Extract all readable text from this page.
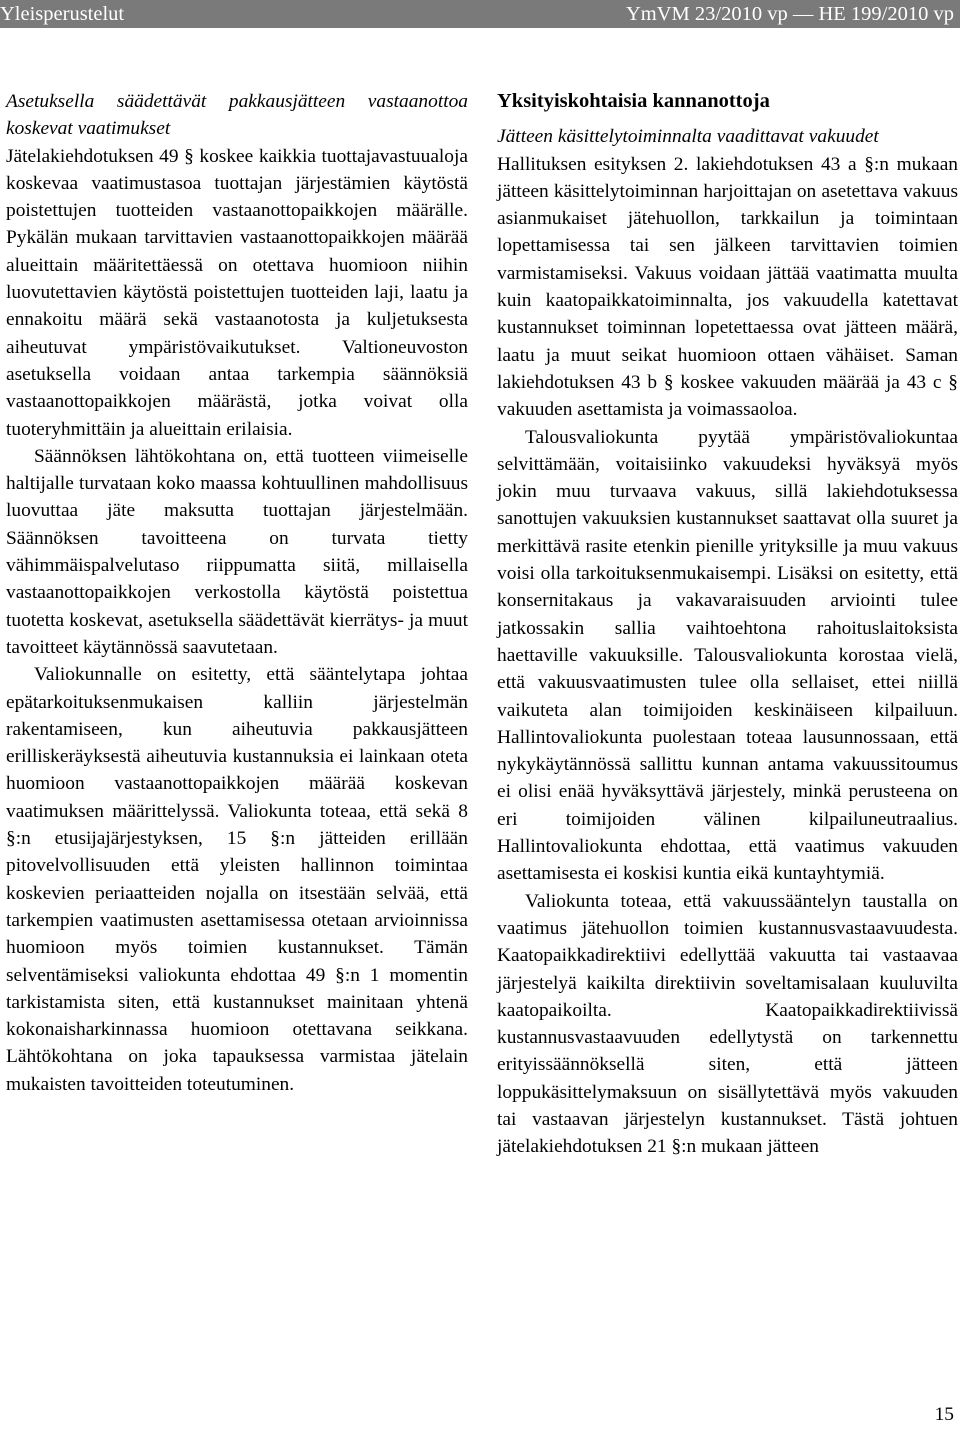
Yleisperustelut	YmVM 23/2010 vp — HE 199/2010 vp

Asetuksella säädettävät pakkausjätteen vastaanottoa koskevat vaatimukset

Jätelakiehdotuksen 49 § koskee kaikkia tuottajavastuualoja koskevaa vaatimustasoa tuottajan järjestämien käytöstä poistettujen tuotteiden vastaanottopaikkojen määrälle. Pykälän mukaan tarvittavien vastaanottopaikkojen määrää alueittain määritettäessä on otettava huomioon niihin luovutettavien käytöstä poistettujen tuotteiden laji, laatu ja ennakoitu määrä sekä vastaanotosta ja kuljetuksesta aiheutuvat ympäristövaikutukset. Valtioneuvoston asetuksella voidaan antaa tarkempia säännöksiä vastaanottopaikkojen määrästä, jotka voivat olla tuoteryhmittäin ja alueittain erilaisia.

Säännöksen lähtökohtana on, että tuotteen viimeiselle haltijalle turvataan koko maassa kohtuullinen mahdollisuus luovuttaa jäte maksutta tuottajan järjestelmään. Säännöksen tavoitteena on turvata tietty vähimmäispalvelutaso riippumatta siitä, millaisella vastaanottopaikkojen verkostolla käytöstä poistettua tuotetta koskevat, asetuksella säädettävät kierrätys- ja muut tavoitteet käytännössä saavutetaan.

Valiokunnalle on esitetty, että sääntelytapa johtaa epätarkoituksenmukaisen kalliin järjestelmän rakentamiseen, kun aiheutuvia pakkausjätteen erilliskeräyksestä aiheutuvia kustannuksia ei lainkaan oteta huomioon vastaanottopaikkojen määrää koskevan vaatimuksen määrittelyssä. Valiokunta toteaa, että sekä 8 §:n etusijajärjestyksen, 15 §:n jätteiden erillään pitovelvollisuuden että yleisten hallinnon toimintaa koskevien periaatteiden nojalla on itsestään selvää, että tarkempien vaatimusten asettamisessa otetaan arvioinnissa huomioon myös toimien kustannukset. Tämän selventämiseksi valiokunta ehdottaa 49 §:n 1 momentin tarkistamista siten, että kustannukset mainitaan yhtenä kokonaisharkinnassa huomioon otettavana seikkana. Lähtökohtana on joka tapauksessa varmistaa jätelain mukaisten tavoitteiden toteutuminen.

Yksityiskohtaisia kannanottoja

Jätteen käsittelytoiminnalta vaadittavat vakuudet

Hallituksen esityksen 2. lakiehdotuksen 43 a §:n mukaan jätteen käsittelytoiminnan harjoittajan on asetettava vakuus asianmukaiset jätehuollon, tarkkailun ja toimintaan lopettamisessa tai sen jälkeen tarvittavien toimien varmistamiseksi. Vakuus voidaan jättää vaatimatta muulta kuin kaatopaikkatoiminnalta, jos vakuudella katettavat kustannukset toiminnan lopetettaessa ovat jätteen määrä, laatu ja muut seikat huomioon ottaen vähäiset. Saman lakiehdotuksen 43 b § koskee vakuuden määrää ja 43 c § vakuuden asettamista ja voimassaoloa.

Talousvaliokunta pyytää ympäristövaliokuntaa selvittämään, voitaisiinko vakuudeksi hyväksyä myös jokin muu turvaava vakuus, sillä lakiehdotuksessa sanottujen vakuuksien kustannukset saattavat olla suuret ja merkittävä rasite etenkin pienille yrityksille ja muu vakuus voisi olla tarkoituksenmukaisempi. Lisäksi on esitetty, että konsernitakaus ja vakavaraisuuden arviointi tulee jatkossakin sallia vaihtoehtona rahoituslaitoksista haettaville vakuuksille. Talousvaliokunta korostaa vielä, että vakuusvaatimusten tulee olla sellaiset, ettei niillä vaikuteta alan toimijoiden keskinäiseen kilpailuun. Hallintovaliokunta puolestaan toteaa lausunnossaan, että nykykäytännössä sallittu kunnan antama vakuussitoumus ei olisi enää hyväksyttävä järjestely, minkä perusteena on eri toimijoiden välinen kilpailuneutraalius. Hallintovaliokunta ehdottaa, että vaatimus vakuuden asettamisesta ei koskisi kuntia eikä kuntayhtymiä.

Valiokunta toteaa, että vakuussääntelyn taustalla on vaatimus jätehuollon toimien kustannusvastaavuudesta. Kaatopaikkadirektiivi edellyttää vakuutta tai vastaavaa järjestelyä kaikilta direktiivin soveltamisalaan kuuluvilta kaatopaikoilta. Kaatopaikkadirektiivissä kustannusvastaavuuden edellytystä on tarkennettu erityissäännöksellä siten, että jätteen loppukäsittelymaksuun on sisällytettävä myös vakuuden tai vastaavan järjestelyn kustannukset. Tästä johtuen jätelakiehdotuksen 21 §:n mukaan jätteen

15
